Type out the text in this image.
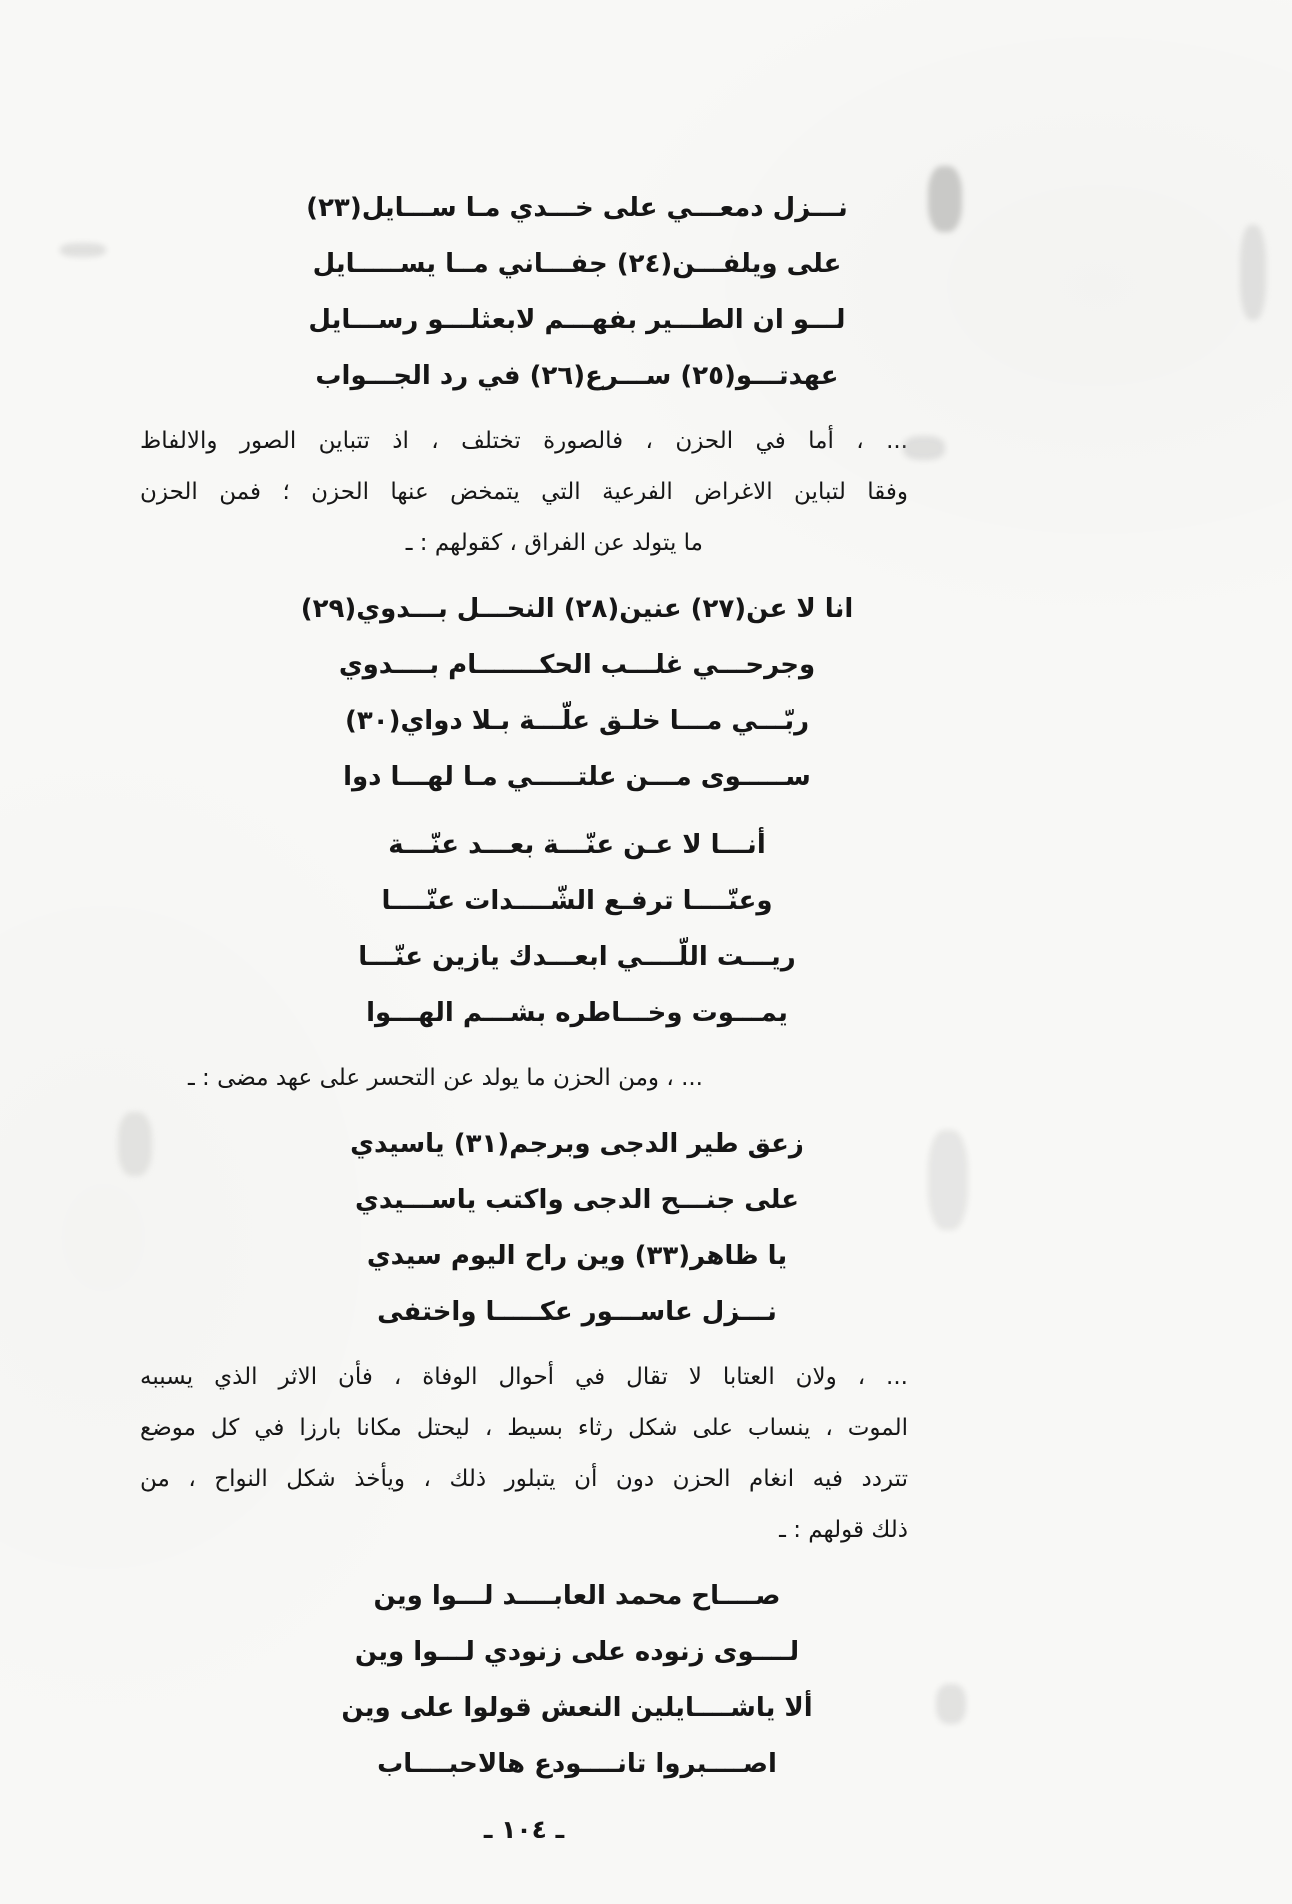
نـــزل دمعـــي على خـــدي مـا ســـايل(٢٣)
على ويلفـــن(٢٤) جفـــاني مــا يســـــايل
لـــو ان الطـــير بفهـــم لابعثلـــو رســـايل
عهدتـــو(٢٥) ســـرع(٢٦) في رد الجـــواب
... ، أما في الحزن ، فالصورة تختلف ، اذ تتباين الصور والالفاظ
وفقا لتباين الاغراض الفرعية التي يتمخض عنها الحزن ؛ فمن الحزن
ما يتولد عن الفراق ، كقولهم : ـ
انا لا عن(٢٧) عنين(٢٨) النحـــل بـــدوي(٢٩)
وجرحـــي غلـــب الحكـــــــام بــــدوي
ربّـــي مـــا خلـق علّـــة بـلا دواي(٣٠)
ســـــوى مـــن علتـــــي مـا لهـــا دوا
أنـــا لا عـن عنّـــة بعـــد عنّـــة
وعنّــــا ترفـع الشّــــدات عنّــــا
ريـــت اللّــــي ابعـــدك يازين عنّـــا
يمـــوت وخـــاطره بشـــم الهـــوا
... ، ومن الحزن ما يولد عن التحسر على عهد مضى : ـ
زعق طير الدجى وبرجم(٣١) ياسيدي
على جنـــح الدجى واكتب ياســـيدي
يا ظاهر(٣٣) وين راح اليوم سيدي
نـــزل عاســـور عكـــــا واختفى
... ، ولان العتابا لا تقال في أحوال الوفاة ، فأن الاثر الذي يسببه
الموت ، ينساب على شكل رثاء بسيط ، ليحتل مكانا بارزا في كل موضع
تتردد فيه انغام الحزن دون أن يتبلور ذلك ، ويأخذ شكل النواح ، من
ذلك قولهم : ـ
صــــاح محمد العابــــد لـــوا وين
لــــوى زنوده على زنودي لـــوا وين
ألا ياشــــايلين النعش قولوا على وين
اصــــبروا تانــــودع هالاحبــــاب
ـ ١٠٤ ـ
